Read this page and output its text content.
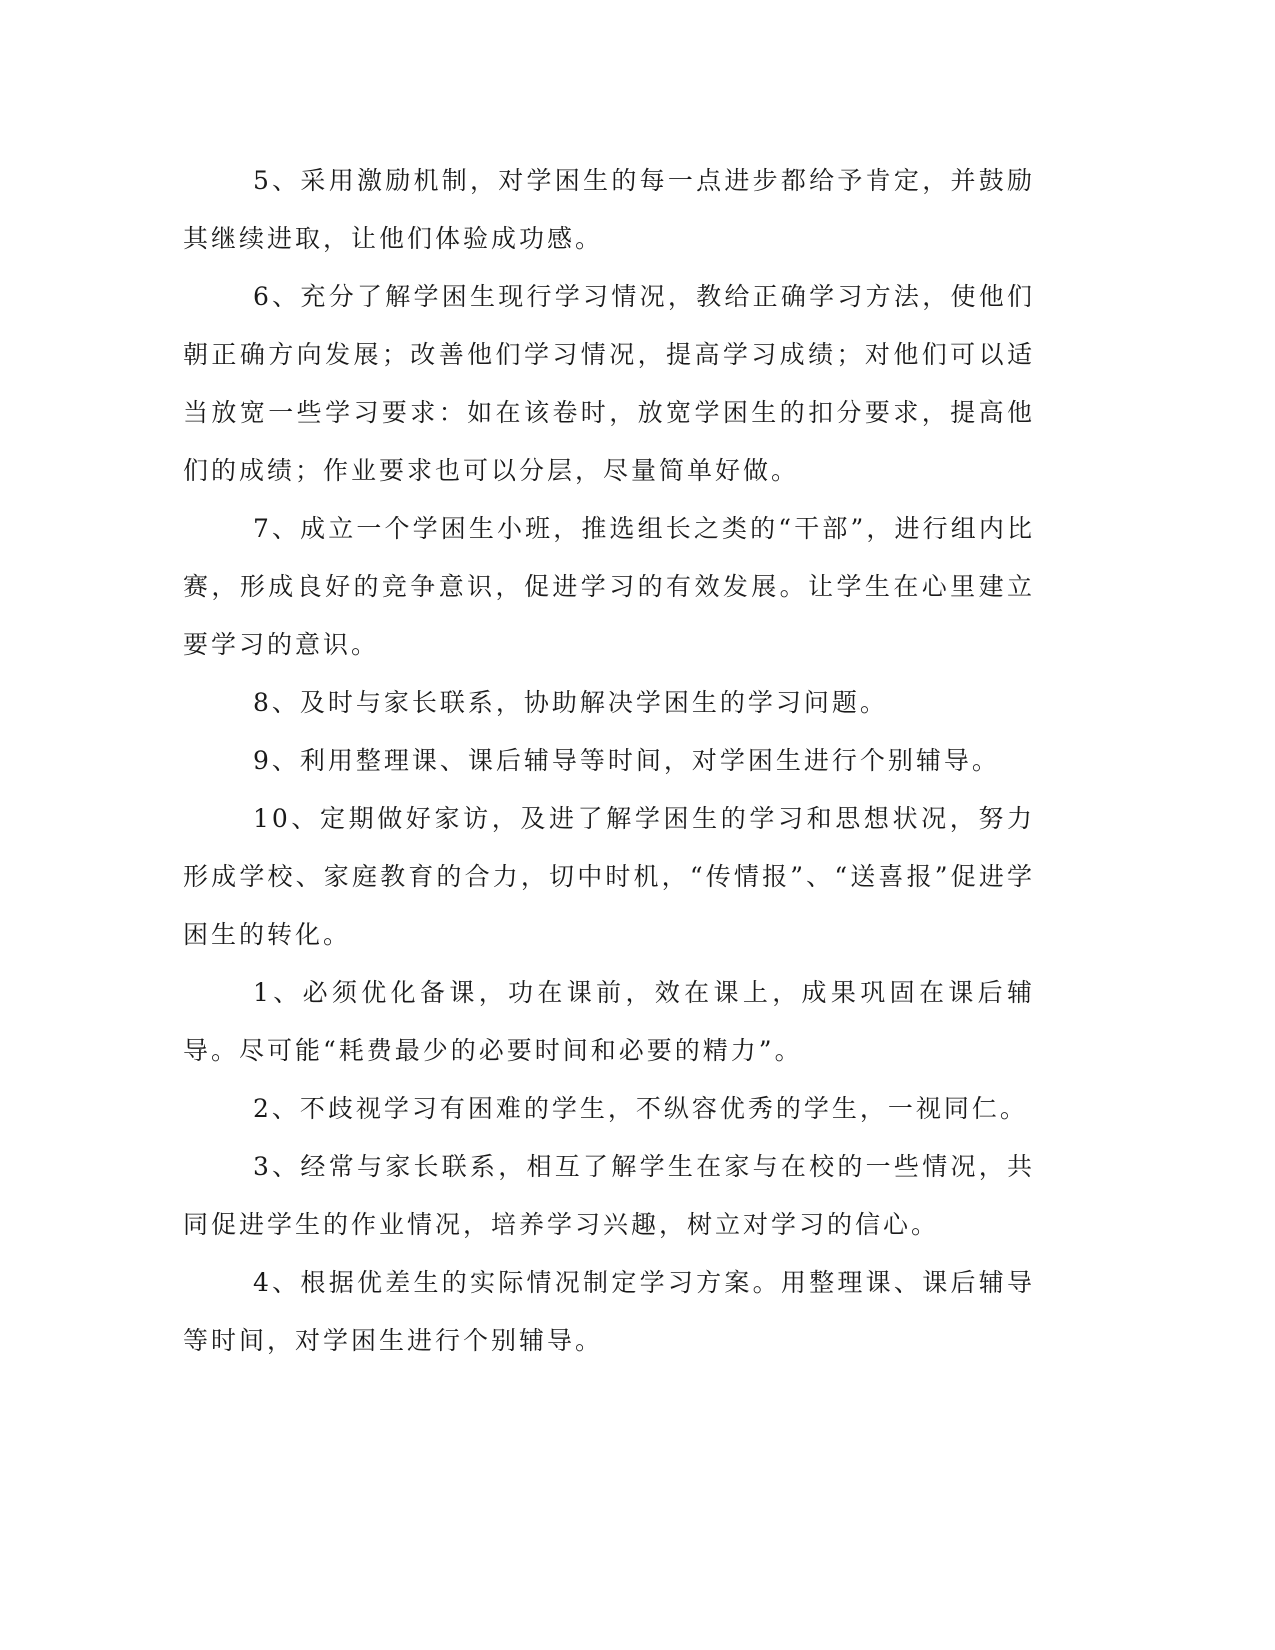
5、采用激励机制，对学困生的每一点进步都给予肯定，并鼓励其继续进取，让他们体验成功感。

6、充分了解学困生现行学习情况，教给正确学习方法，使他们朝正确方向发展；改善他们学习情况，提高学习成绩；对他们可以适当放宽一些学习要求：如在该卷时，放宽学困生的扣分要求，提高他们的成绩；作业要求也可以分层，尽量简单好做。

7、成立一个学困生小班，推选组长之类的“干部”，进行组内比赛，形成良好的竞争意识，促进学习的有效发展。让学生在心里建立要学习的意识。

8、及时与家长联系，协助解决学困生的学习问题。

9、利用整理课、课后辅导等时间，对学困生进行个别辅导。

10、定期做好家访，及进了解学困生的学习和思想状况，努力形成学校、家庭教育的合力，切中时机，“传情报”、“送喜报”促进学困生的转化。

1、必须优化备课，功在课前，效在课上，成果巩固在课后辅导。尽可能“耗费最少的必要时间和必要的精力”。

2、不歧视学习有困难的学生，不纵容优秀的学生，一视同仁。

3、经常与家长联系，相互了解学生在家与在校的一些情况，共同促进学生的作业情况，培养学习兴趣，树立对学习的信心。

4、根据优差生的实际情况制定学习方案。用整理课、课后辅导等时间，对学困生进行个别辅导。
